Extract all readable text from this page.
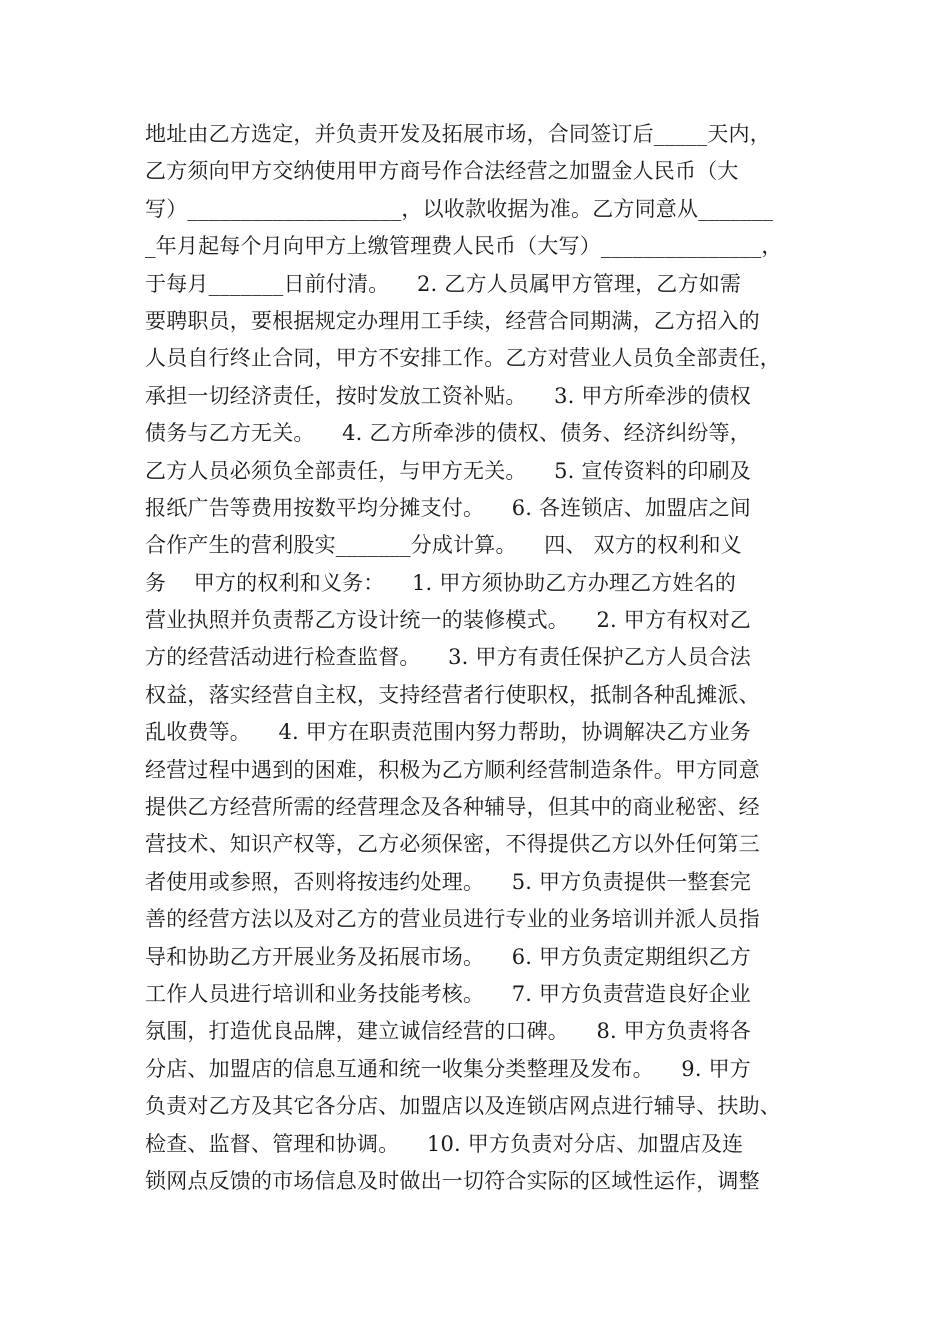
地址由乙方选定，并负责开发及拓展市场，合同签订后_____天内，
乙方须向甲方交纳使用甲方商号作合法经营之加盟金人民币（大
写）____________________，以收款收据为准。乙方同意从_______
_年月起每个月向甲方上缴管理费人民币（大写）_______________，
于每月_______日前付清。    2. 乙方人员属甲方管理，乙方如需
要聘职员，要根据规定办理用工手续，经营合同期满，乙方招入的
人员自行终止合同，甲方不安排工作。乙方对营业人员负全部责任，
承担一切经济责任，按时发放工资补贴。    3. 甲方所牵涉的债权
债务与乙方无关。    4. 乙方所牵涉的债权、债务、经济纠纷等，
乙方人员必须负全部责任，与甲方无关。    5. 宣传资料的印刷及
报纸广告等费用按数平均分摊支付。    6. 各连锁店、加盟店之间
合作产生的营利股实_______分成计算。    四、 双方的权利和义
务    甲方的权利和义务：    1. 甲方须协助乙方办理乙方姓名的
营业执照并负责帮乙方设计统一的装修模式。    2. 甲方有权对乙
方的经营活动进行检查监督。    3. 甲方有责任保护乙方人员合法
权益，落实经营自主权，支持经营者行使职权，抵制各种乱摊派、
乱收费等。    4. 甲方在职责范围内努力帮助，协调解决乙方业务
经营过程中遇到的困难，积极为乙方顺利经营制造条件。甲方同意
提供乙方经营所需的经营理念及各种辅导，但其中的商业秘密、经
营技术、知识产权等，乙方必须保密，不得提供乙方以外任何第三
者使用或参照，否则将按违约处理。    5. 甲方负责提供一整套完
善的经营方法以及对乙方的营业员进行专业的业务培训并派人员指
导和协助乙方开展业务及拓展市场。    6. 甲方负责定期组织乙方
工作人员进行培训和业务技能考核。    7. 甲方负责营造良好企业
氛围，打造优良品牌，建立诚信经营的口碑。    8. 甲方负责将各
分店、加盟店的信息互通和统一收集分类整理及发布。    9. 甲方
负责对乙方及其它各分店、加盟店以及连锁店网点进行辅导、扶助、
检查、监督、管理和协调。    10. 甲方负责对分店、加盟店及连
锁网点反馈的市场信息及时做出一切符合实际的区域性运作，调整
